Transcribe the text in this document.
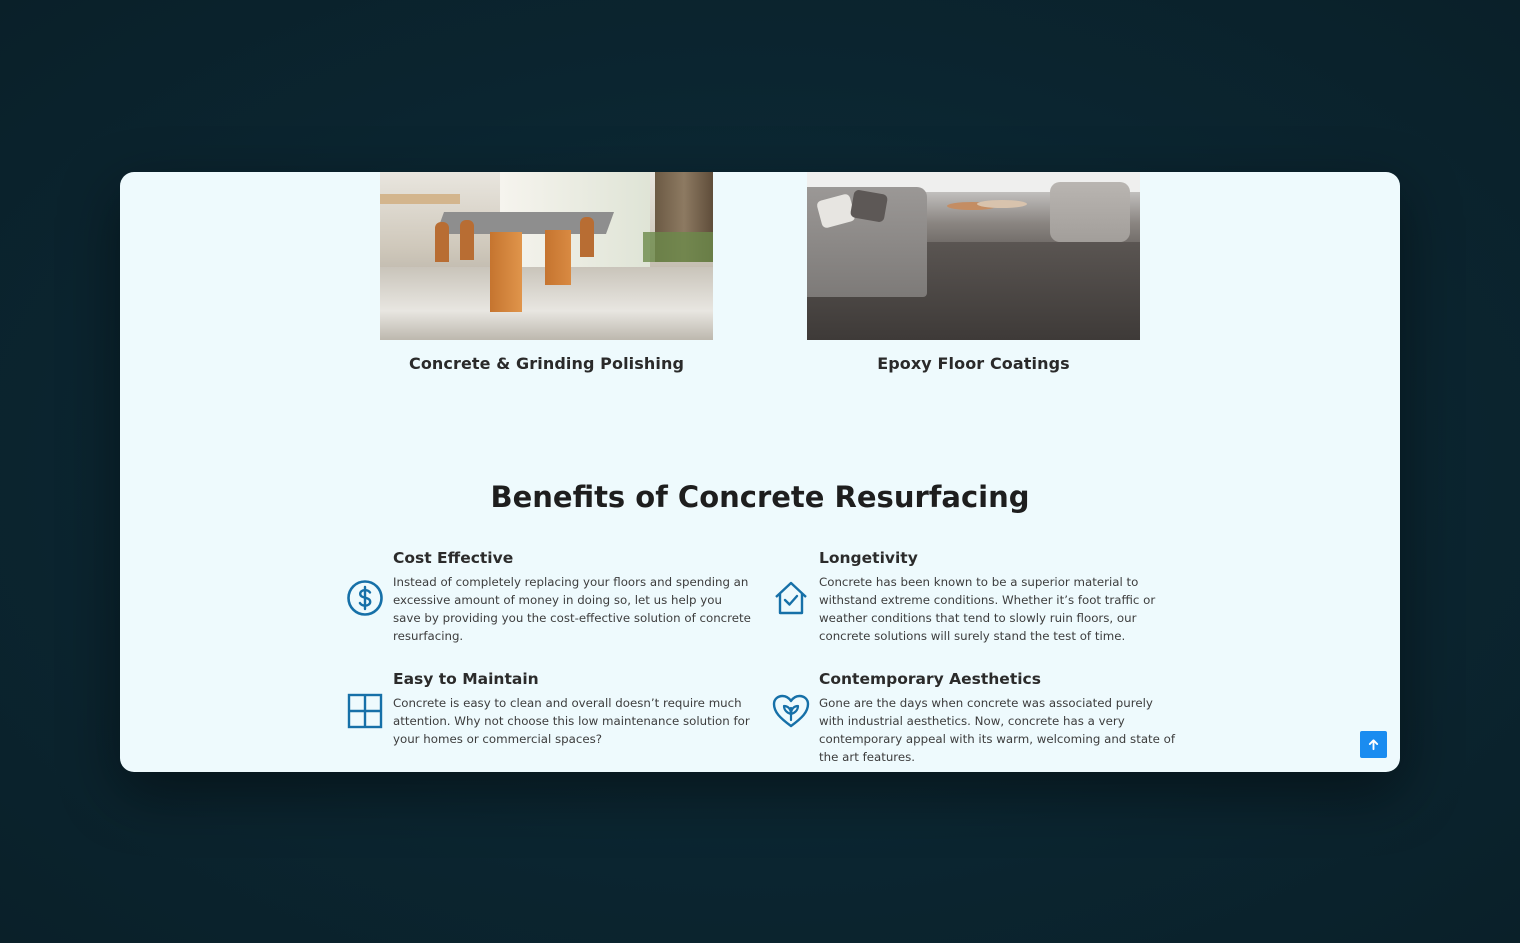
Concrete & Grinding Polishing	Epoxy Floor Coatings
Benefits of Concrete Resurfacing

Cost Effective

Instead of completely replacing your floors and spending an excessive amount of money in doing so, let us help you save by providing you the cost-effective solution of concrete resurfacing.

Longetivity

Concrete has been known to be a superior material to withstand extreme conditions. Whether it’s foot traffic or weather conditions that tend to slowly ruin floors, our concrete solutions will surely stand the test of time.

Easy to Maintain

Concrete is easy to clean and overall doesn’t require much attention. Why not choose this low maintenance solution for your homes or commercial spaces?

Contemporary Aesthetics

Gone are the days when concrete was associated purely with industrial aesthetics. Now, concrete has a very contemporary appeal with its warm, welcoming and state of the art features.
